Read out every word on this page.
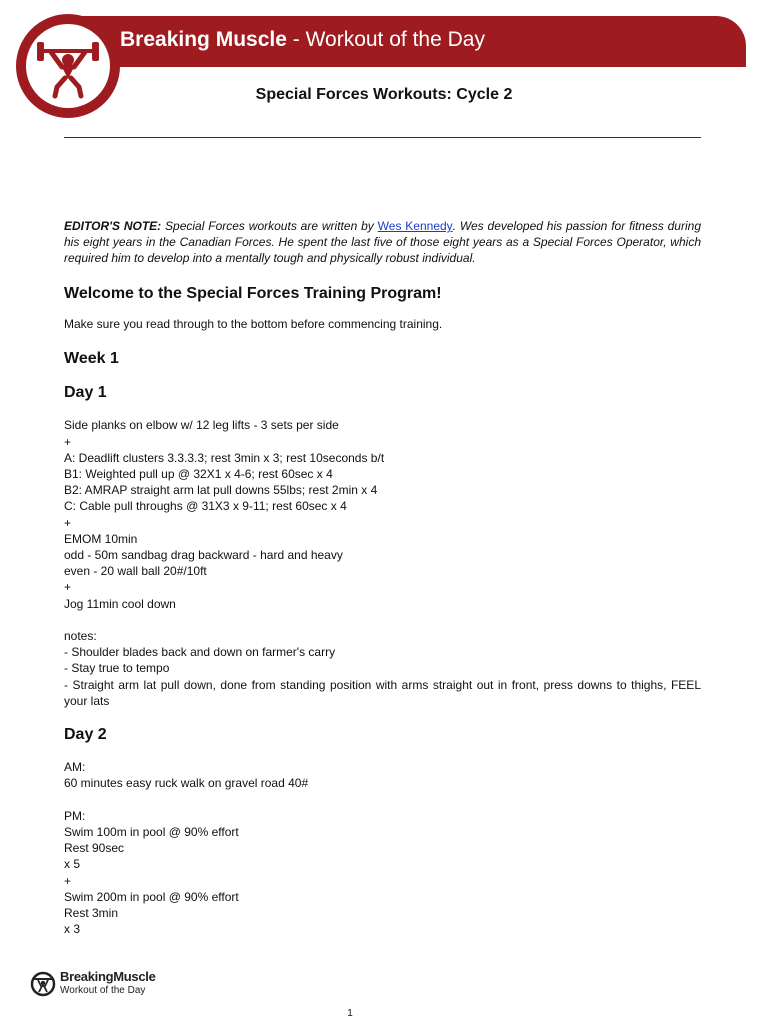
Breaking Muscle - Workout of the Day
Special Forces Workouts: Cycle 2

EDITOR'S NOTE: Special Forces workouts are written by Wes Kennedy. Wes developed his passion for fitness during his eight years in the Canadian Forces. He spent the last five of those eight years as a Special Forces Operator, which required him to develop into a mentally tough and physically robust individual.

Welcome to the Special Forces Training Program!
Make sure you read through to the bottom before commencing training.
Week 1
Day 1
Side planks on elbow w/ 12 leg lifts - 3 sets per side
+
A: Deadlift clusters 3.3.3.3; rest 3min x 3; rest 10seconds b/t
B1: Weighted pull up @ 32X1 x 4-6; rest 60sec x 4
B2: AMRAP straight arm lat pull downs 55lbs; rest 2min x 4
C: Cable pull throughs @ 31X3 x 9-11; rest 60sec x 4
+
EMOM 10min
odd - 50m sandbag drag backward - hard and heavy
even - 20 wall ball 20#/10ft
+
Jog 11min cool down
notes:
- Shoulder blades back and down on farmer's carry
- Stay true to tempo
- Straight arm lat pull down, done from standing position with arms straight out in front, press downs to thighs, FEEL your lats
Day 2
AM:
60 minutes easy ruck walk on gravel road 40#
PM:
Swim 100m in pool @ 90% effort
Rest 90sec
x 5
+
Swim 200m in pool @ 90% effort
Rest 3min
x 3
BreakingMuscle
Workout of the Day
1
